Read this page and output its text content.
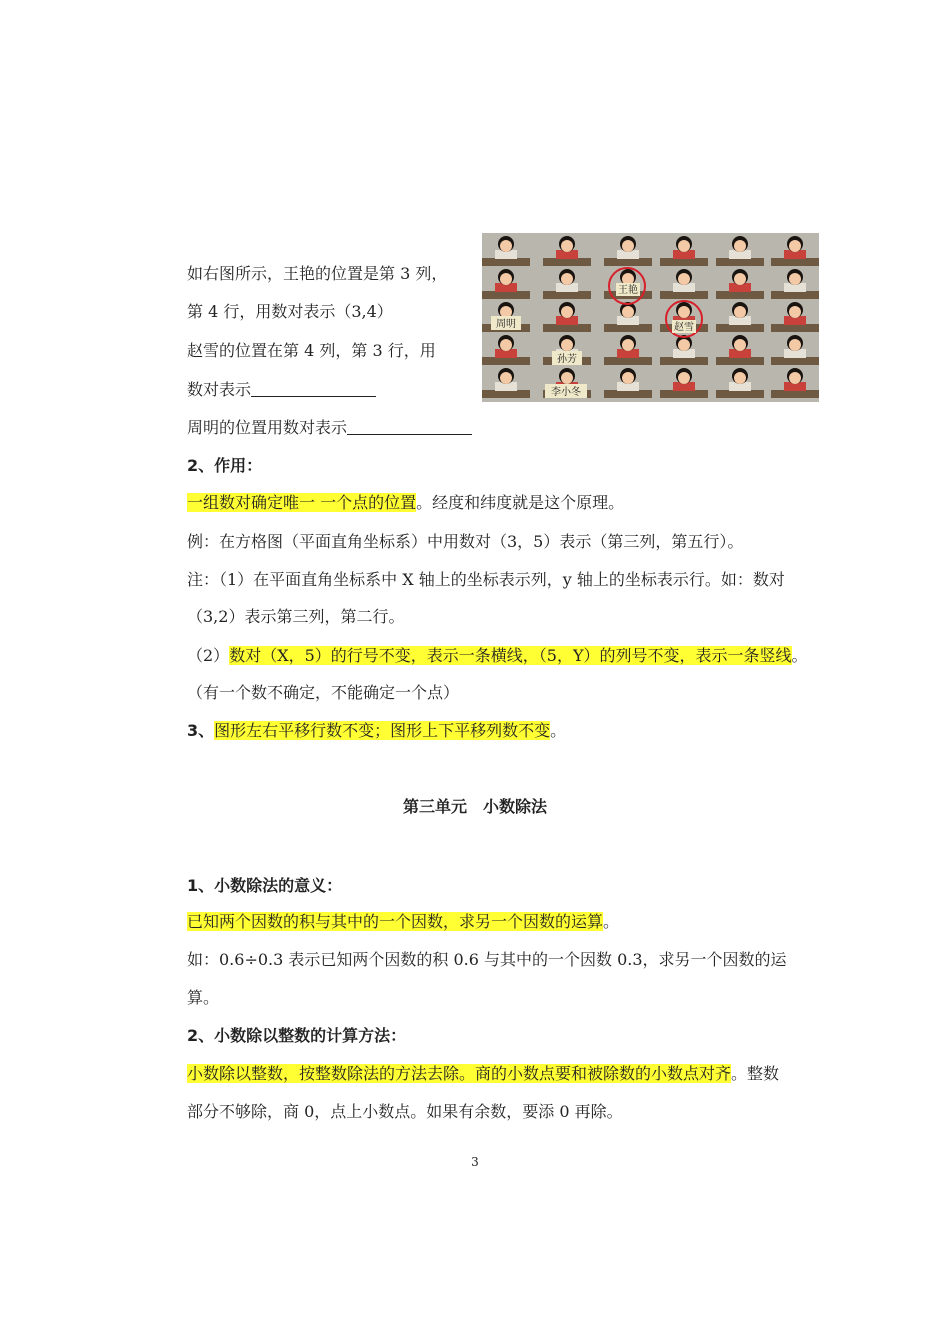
如右图所示，王艳的位置是第 3 列，
第 4 行，用数对表示（3,4）
赵雪的位置在第 4 列，第 3 行，用
数对表示
周明的位置用数对表示
2、作用：
一组数对确定唯一 一个点的位置。经度和纬度就是这个原理。
例：在方格图（平面直角坐标系）中用数对（3，5）表示（第三列，第五行）。
注：（1）在平面直角坐标系中 X 轴上的坐标表示列，y 轴上的坐标表示行。如：数对
（3,2）表示第三列，第二行。
（2）数对（X，5）的行号不变，表示一条横线，（5，Y）的列号不变，表示一条竖线。
（有一个数不确定，不能确定一个点）
3、图形左右平移行数不变；图形上下平移列数不变。
第三单元　小数除法
1、小数除法的意义：
已知两个因数的积与其中的一个因数，求另一个因数的运算。
如：0.6÷0.3 表示已知两个因数的积 0.6 与其中的一个因数 0.3，求另一个因数的运
算。
2、小数除以整数的计算方法：
小数除以整数，按整数除法的方法去除。商的小数点要和被除数的小数点对齐。整数
部分不够除，商 0，点上小数点。如果有余数，要添 0 再除。
3
王艳
赵雪
周明
孙芳
李小冬
